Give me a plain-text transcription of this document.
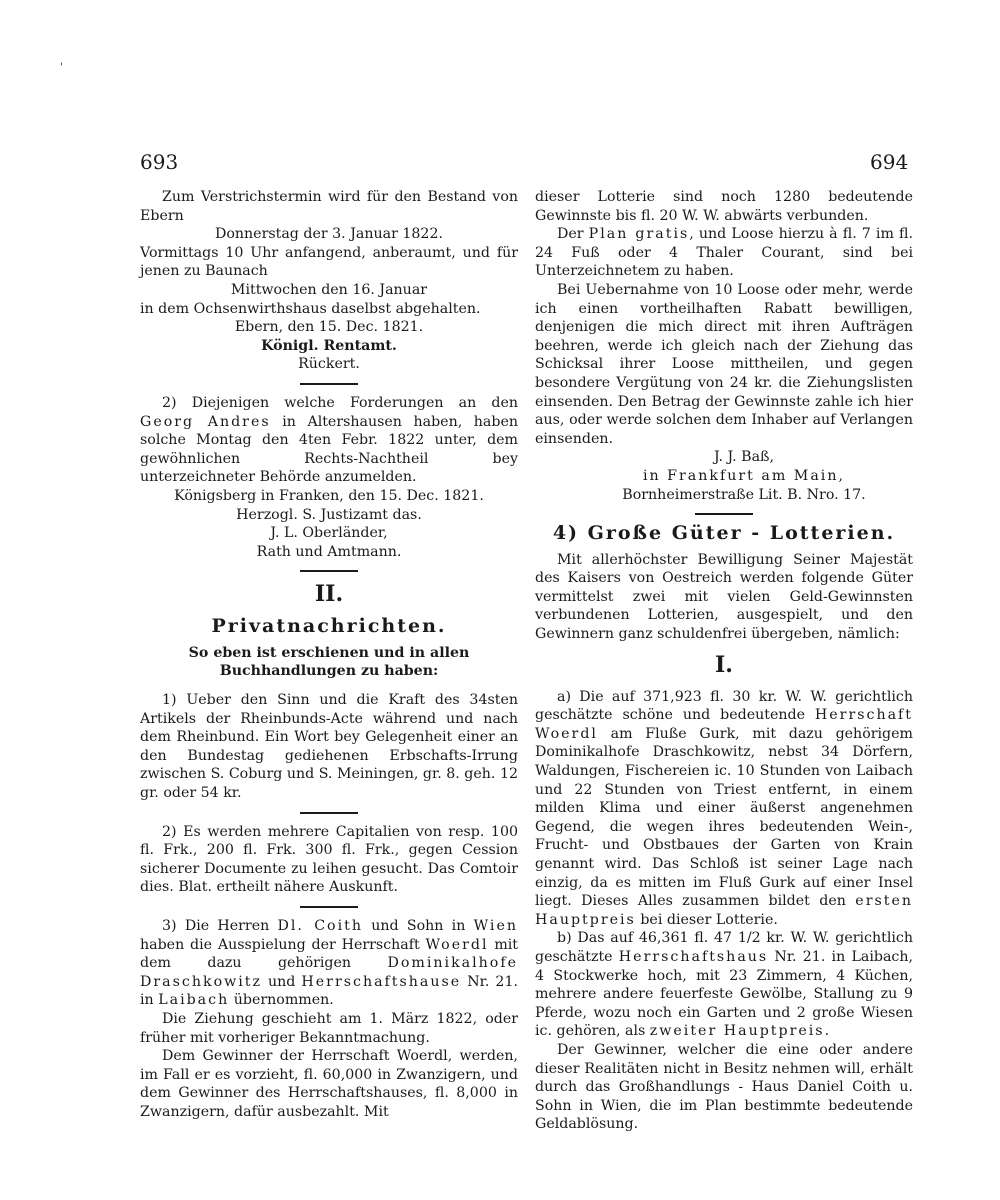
'
693	694

Zum Verstrichstermin wird für den Bestand von Ebern

Donnerstag der 3. Januar 1822.

Vormittags 10 Uhr anfangend, anberaumt, und für jenen zu Baunach

Mittwochen den 16. Januar

in dem Ochsenwirthshaus daselbst abgehalten.

Ebern, den 15. Dec. 1821.

Königl. Rentamt.

Rückert.

2) Diejenigen welche Forderungen an den Georg Andres in Altershausen haben, haben solche Montag den 4ten Febr. 1822 unter, dem gewöhnlichen Rechts-Nachtheil bey unterzeichneter Behörde anzumelden.

Königsberg in Franken, den 15. Dec. 1821.

Herzogl. S. Justizamt das.

J. L. Oberländer,

Rath und Amtmann.

II.
Privatnachrichten.

So eben ist erschienen und in allen Buchhandlungen zu haben:

1) Ueber den Sinn und die Kraft des 34sten Artikels der Rheinbunds-Acte während und nach dem Rheinbund. Ein Wort bey Gelegenheit einer an den Bundestag gediehenen Erbschafts-Irrung zwischen S. Coburg und S. Meiningen, gr. 8. geh. 12 gr. oder 54 kr.

2) Es werden mehrere Capitalien von resp. 100 fl. Frk., 200 fl. Frk. 300 fl. Frk., gegen Cession sicherer Documente zu leihen gesucht. Das Comtoir dies. Blat. ertheilt nähere Auskunft.

3) Die Herren Dl. Coith und Sohn in Wien haben die Ausspielung der Herrschaft Woerdl mit dem dazu gehörigen Dominikalhofe Draschkowitz und Herrschaftshause Nr. 21. in Laibach übernommen.

Die Ziehung geschieht am 1. März 1822, oder früher mit vorheriger Bekanntmachung.

Dem Gewinner der Herrschaft Woerdl, werden, im Fall er es vorzieht, fl. 60,000 in Zwanzigern, und dem Gewinner des Herrschaftshauses, fl. 8,000 in Zwanzigern, dafür ausbezahlt. Mit

dieser Lotterie sind noch 1280 bedeutende Gewinnste bis fl. 20 W. W. abwärts verbunden.

Der Plan gratis, und Loose hierzu à fl. 7 im fl. 24 Fuß oder 4 Thaler Courant, sind bei Unterzeichnetem zu haben.

Bei Uebernahme von 10 Loose oder mehr, werde ich einen vortheilhaften Rabatt bewilligen, denjenigen die mich direct mit ihren Aufträgen beehren, werde ich gleich nach der Ziehung das Schicksal ihrer Loose mittheilen, und gegen besondere Vergütung von 24 kr. die Ziehungslisten einsenden. Den Betrag der Gewinnste zahle ich hier aus, oder werde solchen dem Inhaber auf Verlangen einsenden.

J. J. Baß,

in Frankfurt am Main,

Bornheimerstraße Lit. B. Nro. 17.

4) Große Güter - Lotterien.

Mit allerhöchster Bewilligung Seiner Majestät des Kaisers von Oestreich werden folgende Güter vermittelst zwei mit vielen Geld-Gewinnsten verbundenen Lotterien, ausgespielt, und den Gewinnern ganz schuldenfrei übergeben, nämlich:

I.

a) Die auf 371,923 fl. 30 kr. W. W. gerichtlich geschätzte schöne und bedeutende Herrschaft Woerdl am Fluße Gurk, mit dazu gehörigem Dominikalhofe Draschkowitz, nebst 34 Dörfern, Waldungen, Fischereien ic. 10 Stunden von Laibach und 22 Stunden von Triest entfernt, in einem milden Klima und einer äußerst angenehmen Gegend, die wegen ihres bedeutenden Wein-, Frucht- und Obstbaues der Garten von Krain genannt wird. Das Schloß ist seiner Lage nach einzig, da es mitten im Fluß Gurk auf einer Insel liegt. Dieses Alles zusammen bildet den ersten Hauptpreis bei dieser Lotterie.

b) Das auf 46,361 fl. 47 1/2 kr. W. W. gerichtlich geschätzte Herrschaftshaus Nr. 21. in Laibach, 4 Stockwerke hoch, mit 23 Zimmern, 4 Küchen, mehrere andere feuerfeste Gewölbe, Stallung zu 9 Pferde, wozu noch ein Garten und 2 große Wiesen ic. gehören, als zweiter Hauptpreis.

Der Gewinner, welcher die eine oder andere dieser Realitäten nicht in Besitz nehmen will, erhält durch das Großhandlungs - Haus Daniel Coith u. Sohn in Wien, die im Plan bestimmte bedeutende Geldablösung.
